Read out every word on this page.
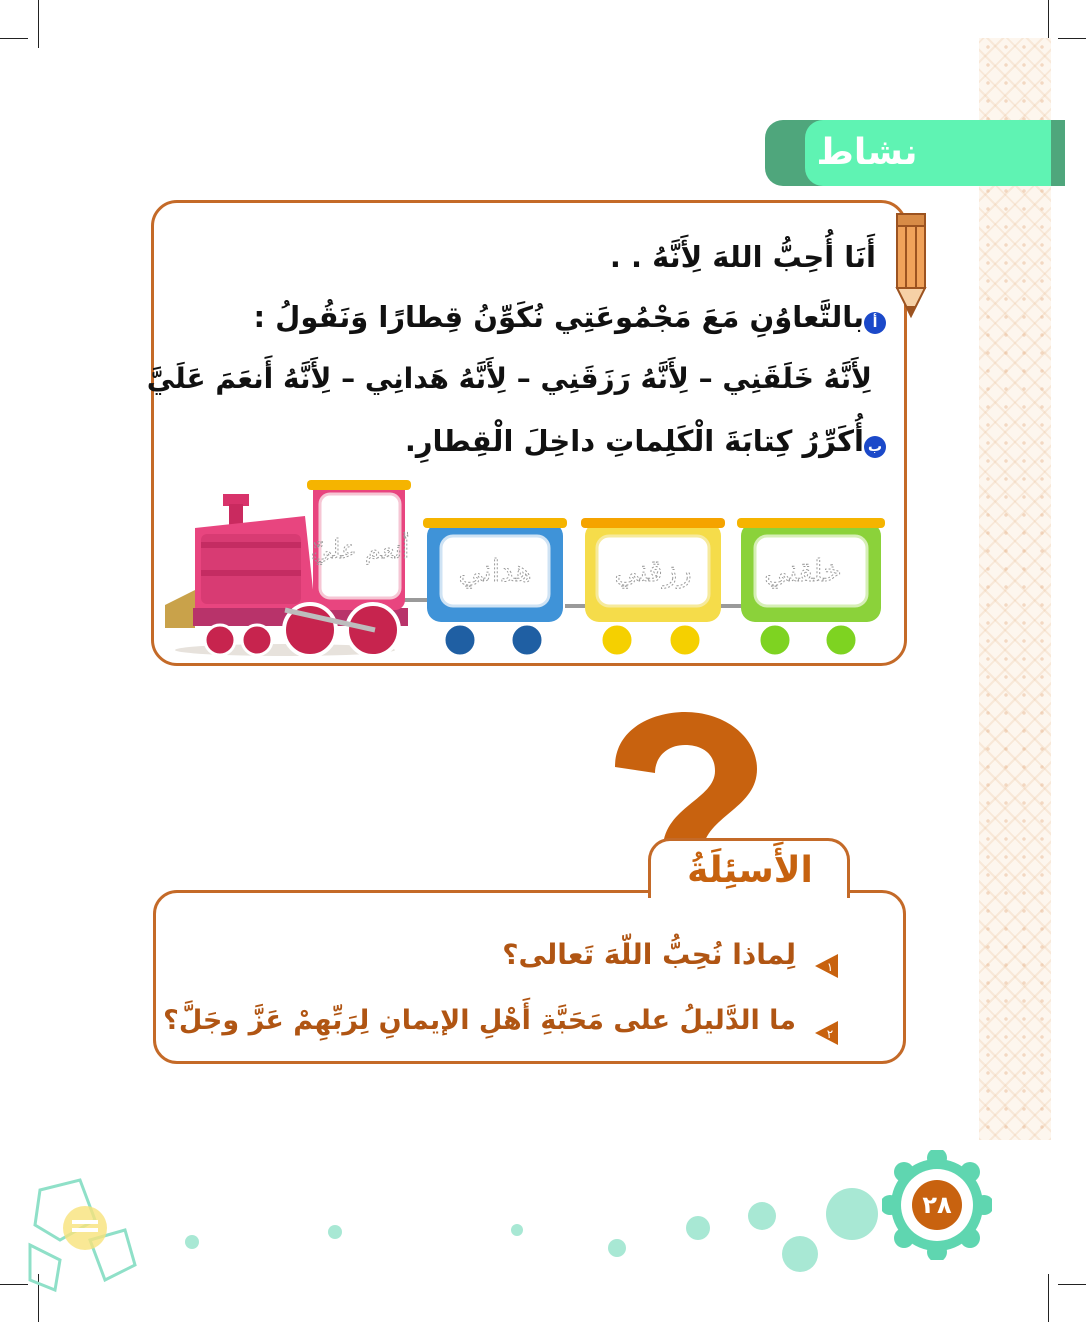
نشاط
أَنَا أُحِبُّ اللهَ لِأَنَّهُ . .
أ
بالتَّعاوُنِ مَعَ مَجْمُوعَتِي نُكَوِّنُ قِطارًا وَنَقُولُ :
لِأَنَّهُ خَلَقَنِي – لِأَنَّهُ رَزَقَنِي – لِأَنَّهُ هَدانِي – لِأَنَّهُ أَنعَمَ عَلَيَّ
ب
أُكَرِّرُ كِتابَةَ الْكَلِماتِ داخِلَ الْقِطارِ.
خلقني
رزقني
هداني
أنعم عليّ
الأَسئِلَةُ
١
لِماذا نُحِبُّ اللّهَ تَعالى؟
٢
ما الدَّليلُ على مَحَبَّةِ أَهْلِ الإيمانِ لِرَبِّهِمْ عَزَّ وجَلَّ؟
٢٨
